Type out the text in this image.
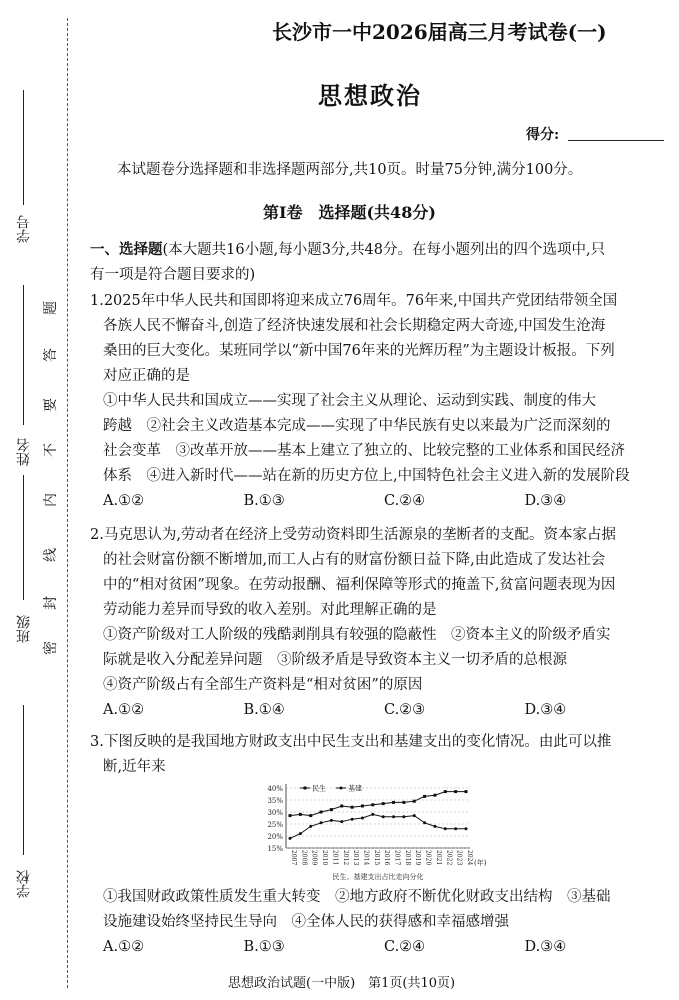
学号
姓名
班级
学校
题
答
要
不
内
线
封
密
长沙市一中2026届高三月考试卷(一)
思想政治
得分:
本试题卷分选择题和非选择题两部分,共10页。时量75分钟,满分100分。
第Ⅰ卷　选择题(共48分)
一、选择题(本大题共16小题,每小题3分,共48分。在每小题列出的四个选项中,只
有一项是符合题目要求的)
1.2025年中华人民共和国即将迎来成立76周年。76年来,中国共产党团结带领全国
各族人民不懈奋斗,创造了经济快速发展和社会长期稳定两大奇迹,中国发生沧海
桑田的巨大变化。某班同学以“新中国76年来的光辉历程”为主题设计板报。下列
对应正确的是
①中华人民共和国成立——实现了社会主义从理论、运动到实践、制度的伟大
跨越　②社会主义改造基本完成——实现了中华民族有史以来最为广泛而深刻的
社会变革　③改革开放——基本上建立了独立的、比较完整的工业体系和国民经济
体系　④进入新时代——站在新的历史方位上,中国特色社会主义进入新的发展阶段
A.①②	B.①③	C.②④	D.③④
2.马克思认为,劳动者在经济上受劳动资料即生活源泉的垄断者的支配。资本家占据
的社会财富份额不断增加,而工人占有的财富份额日益下降,由此造成了发达社会
中的“相对贫困”现象。在劳动报酬、福利保障等形式的掩盖下,贫富问题表现为因
劳动能力差异而导致的收入差别。对此理解正确的是
①资产阶级对工人阶级的残酷剥削具有较强的隐蔽性　②资本主义的阶级矛盾实
际就是收入分配差异问题　③阶级矛盾是导致资本主义一切矛盾的总根源
④资产阶级占有全部生产资料是“相对贫困”的原因
A.①②	B.①④	C.②③	D.③④
3.下图反映的是我国地方财政支出中民生支出和基建支出的变化情况。由此可以推
断,近年来
40%
35%
30%
25%
20%
15%
2007 2008 2009 2010 2011 2012 2013 2014 2015 2016 2017 2018 2019 2020 2021 2022 2023 2024 (年)
民生、基建支出占比走向分化
民生	基建
①我国财政政策性质发生重大转变　②地方政府不断优化财政支出结构　③基础
设施建设始终坚持民生导向　④全体人民的获得感和幸福感增强
A.①②	B.①③	C.②④	D.③④
思想政治试题(一中版)　第1页(共10页)
